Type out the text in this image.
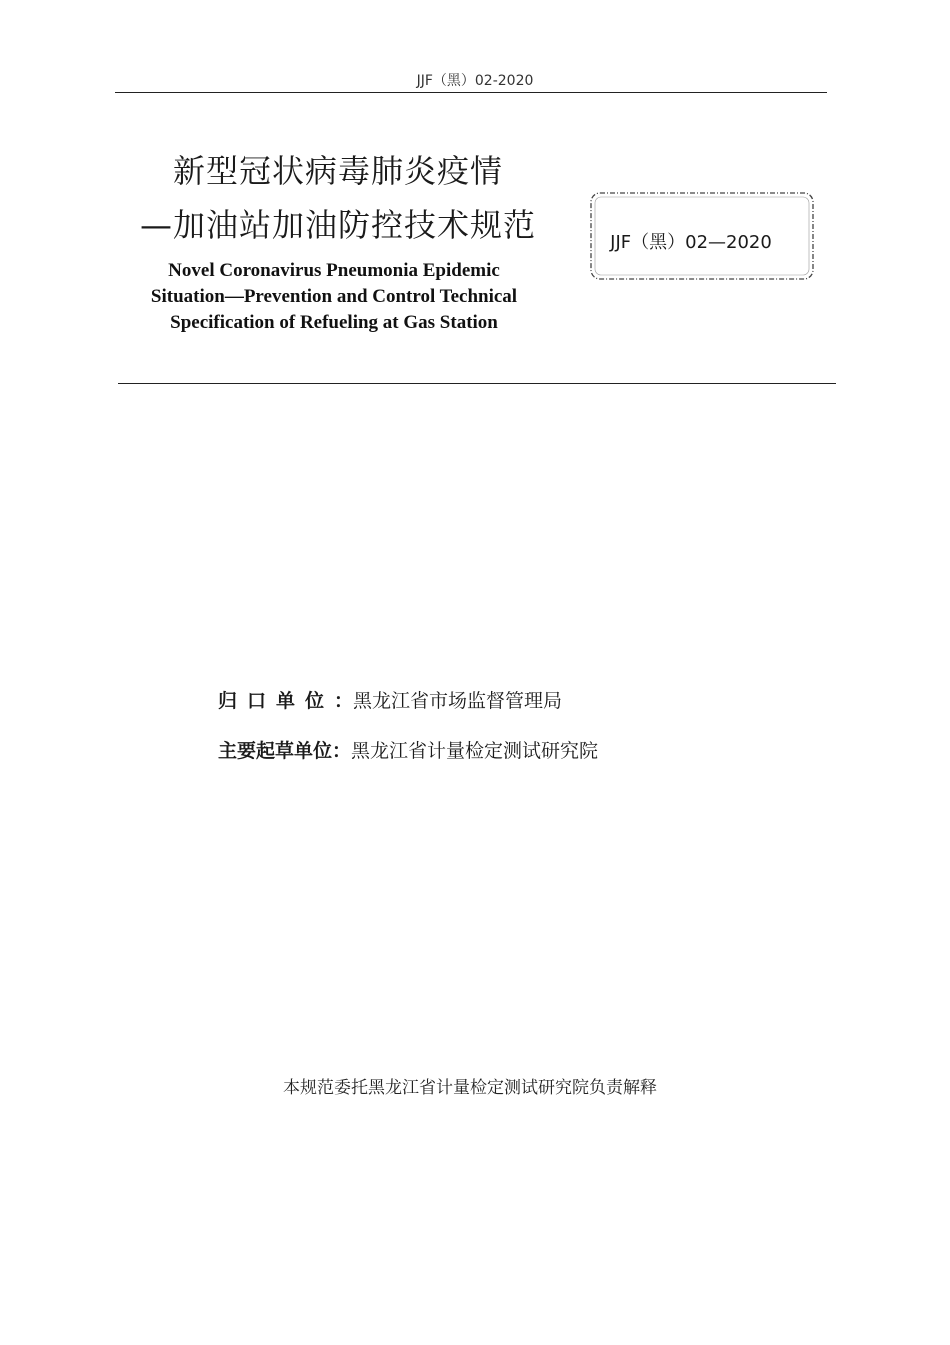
JJF（黑）02-2020
新型冠状病毒肺炎疫情
—加油站加油防控技术规范
Novel Coronavirus Pneumonia Epidemic
Situation—Prevention and Control Technical
Specification of Refueling at Gas Station
JJF（黑）02—2020
归口单位：黑龙江省市场监督管理局
主要起草单位：黑龙江省计量检定测试研究院
本规范委托黑龙江省计量检定测试研究院负责解释
